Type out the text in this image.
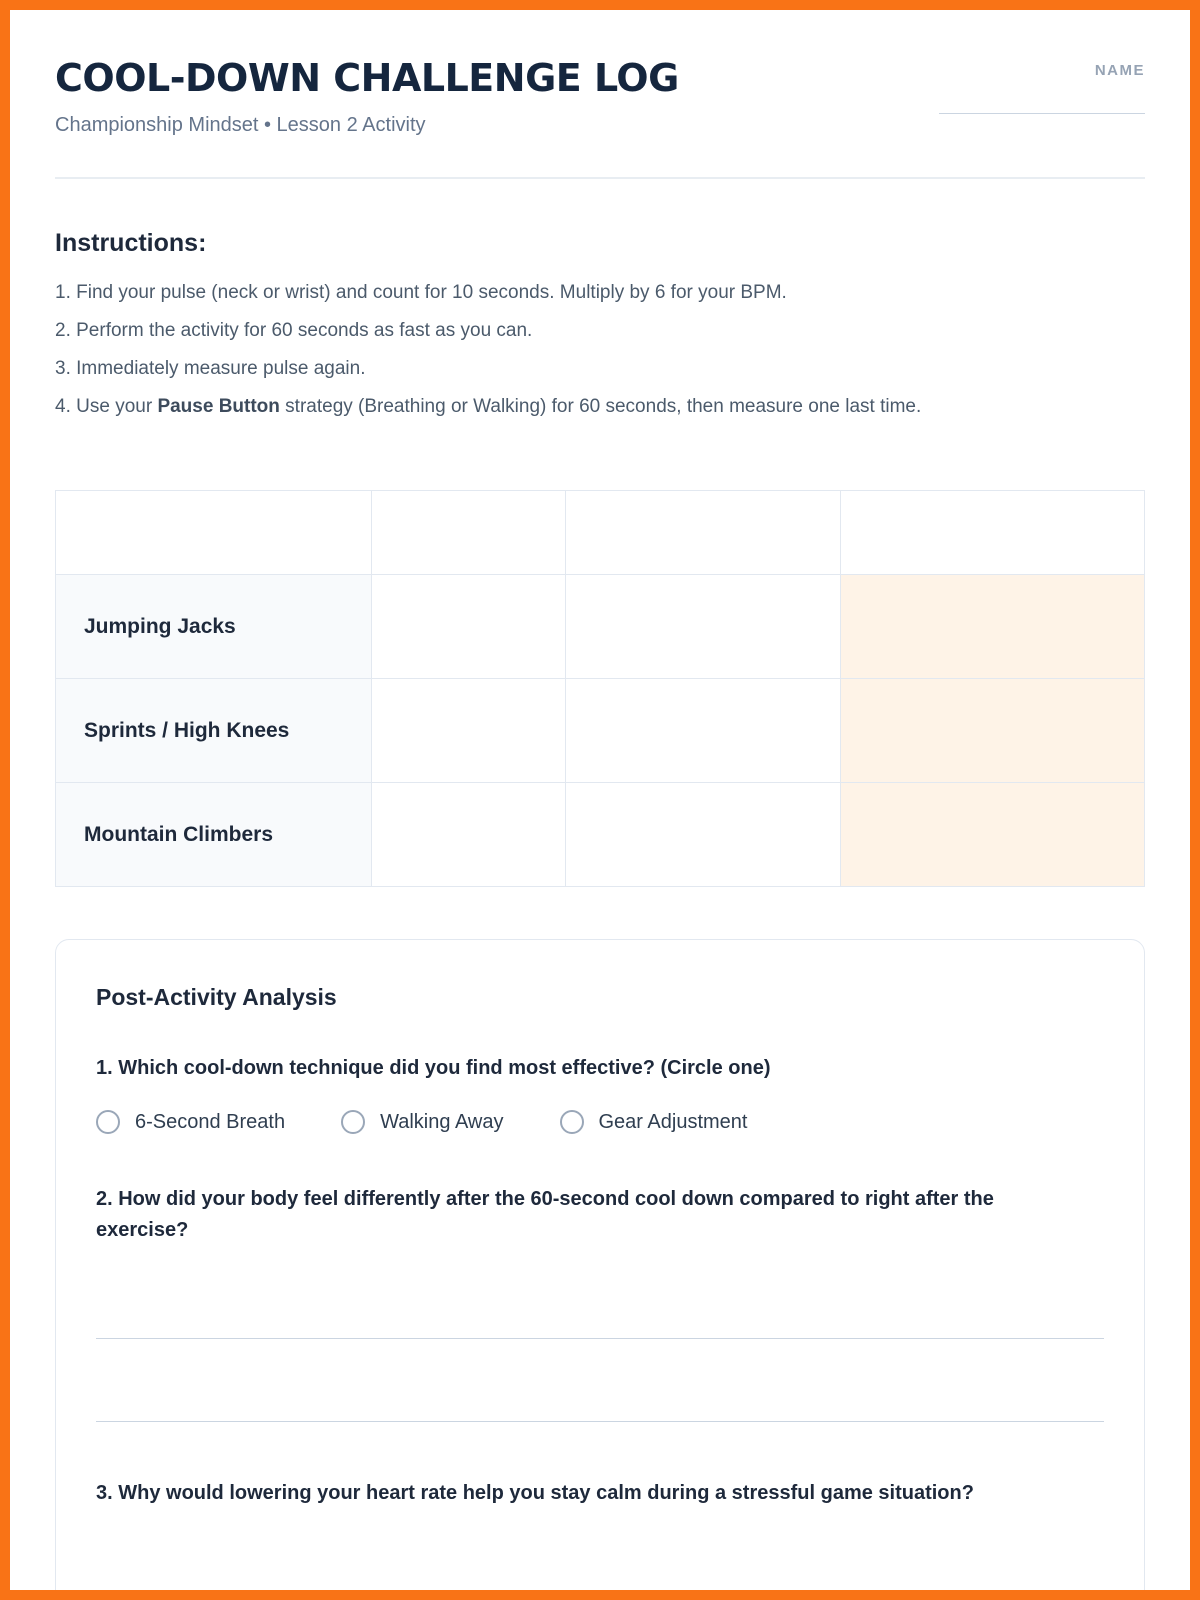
COOL-DOWN CHALLENGE LOG
Championship Mindset • Lesson 2 Activity
NAME
Instructions:

1. Find your pulse (neck or wrist) and count for 10 seconds. Multiply by 6 for your BPM.

2. Perform the activity for 60 seconds as fast as you can.

3. Immediately measure pulse again.

4. Use your Pause Button strategy (Breathing or Walking) for 60 seconds, then measure one last time.

Jumping Jacks			
Sprints / High Knees			
Mountain Climbers			
Post-Activity Analysis
1. Which cool-down technique did you find most effective? (Circle one)
6-Second Breath	Walking Away	Gear Adjustment
2. How did your body feel differently after the 60-second cool down compared to right after the exercise?
3. Why would lowering your heart rate help you stay calm during a stressful game situation?
